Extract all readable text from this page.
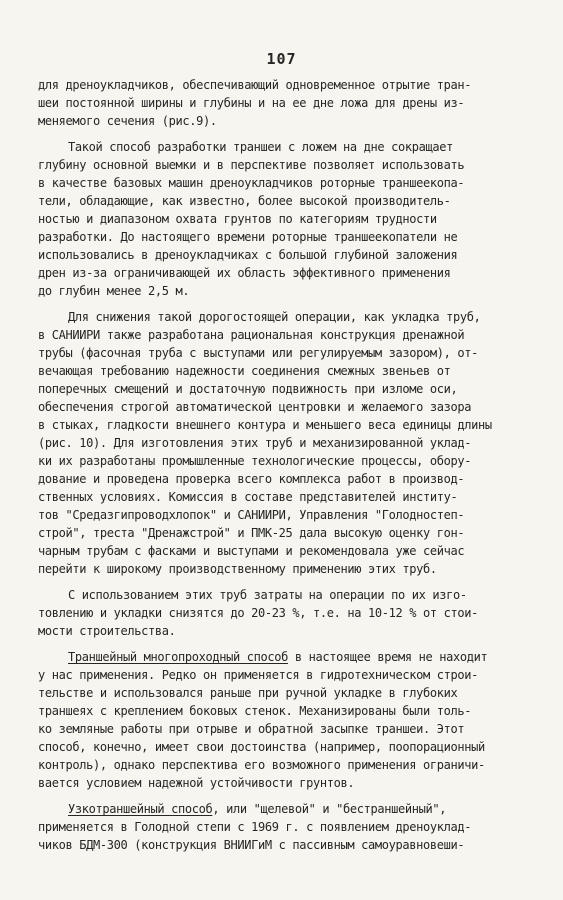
107
для дреноукладчиков, обеспечивающий одновременное отрытие тран-
шеи постоянной ширины и глубины и на ее дне ложа для дрены из-
меняемого сечения (рис.9).
Такой способ разработки траншеи с ложем на дне сокращает
глубину основной выемки и в перспективе позволяет использовать
в качестве базовых машин дреноукладчиков роторные траншеекопа-
тели, обладающие, как известно, более высокой производитель-
ностью и диапазоном охвата грунтов по категориям трудности
разработки. До настоящего времени роторные траншеекопатели не
использовались в дреноукладчиках с большой глубиной заложения
дрен из-за ограничивающей их область эффективного применения
до глубин менее 2,5 м.
Для снижения такой дорогостоящей операции, как укладка труб,
в САНИИРИ также разработана рациональная конструкция дренажной
трубы (фасочная труба с выступами или регулируемым зазором), от-
вечающая требованию надежности соединения смежных звеньев от
поперечных смещений и достаточную подвижность при изломе оси,
обеспечения строгой автоматической центровки и желаемого зазора
в стыках, гладкости внешнего контура и меньшего веса единицы длины
(рис. 10). Для изготовления этих труб и механизированной уклад-
ки их разработаны промышленные технологические процессы, обору-
дование и проведена проверка всего комплекса работ в производ-
ственных условиях. Комиссия в составе представителей институ-
тов "Средазгипроводхлопок" и САНИИРИ, Управления "Голодностеп-
строй", треста "Дренажстрой" и ПМК-25 дала высокую оценку гон-
чарным трубам с фасками и выступами и рекомендовала уже сейчас
перейти к широкому производственному применению этих труб.
С использованием этих труб затраты на операции по их изго-
товлению и укладки снизятся до 20-23 %, т.е. на 10-12 % от стои-
мости строительства.
Траншейный многопроходный способ в настоящее время не находит
у нас применения. Редко он применяется в гидротехническом строи-
тельстве и использовался раньше при ручной укладке в глубоких
траншеях с креплением боковых стенок. Механизированы были толь-
ко земляные работы при отрыве и обратной засыпке траншеи. Этот
способ, конечно, имеет свои достоинства (например, поопорационный
контроль), однако перспектива его возможного применения ограничи-
вается условием надежной устойчивости грунтов.
Узкотраншейный способ, или "щелевой" и "бестраншейный",
применяется в Голодной степи с 1969 г. с появлением дреноуклад-
чиков БДМ-300 (конструкция ВНИИГиМ с пассивным самоуравновеши-
